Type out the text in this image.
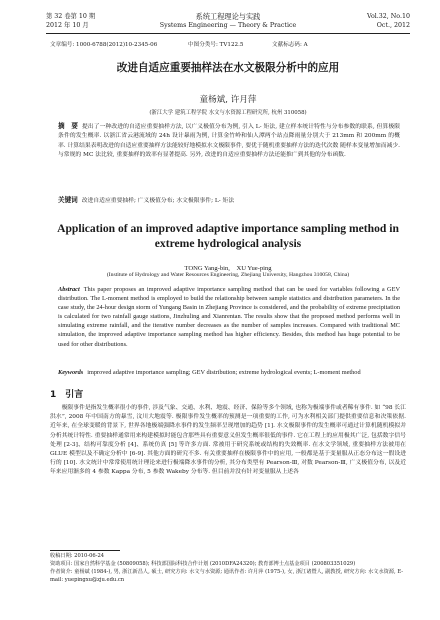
第 32 卷第 10 期
2012 年 10 月
系统工程理论与实践
Systems Engineering — Theory & Practice
Vol.32, No.10
Oct., 2012
文章编号: 1000-6788(2012)10-2345-06	中图分类号: TV122.5	文献标志码: A
改进自适应重要抽样法在水文极限分析中的应用
童杨斌, 许月萍
(浙江大学 建筑工程学院 水文与水资源工程研究所, 杭州 310058)
摘　要 提出了一种改进的自适应重要抽样方法, 以广义极值分布为例, 引入 L- 矩法, 建立样本统计特性与分布参数的联系, 但算极限条件的发生概率. 以浙江省云港流域的 24h 设计暴雨为例, 计算金竹岭和仙人潭两个站点降雨量分别大于 213mm 和 200mm 的概率. 计算结果表明改进的自适应重要抽样方法能较好地模拟水文极限事件, 要优于随机重要抽样方法的迭代次数 随样本变量增加而减少. 与常规的 MC 法比较, 重要抽样的效率有显著提高. 另外, 改进的自适应重要抽样方法还能推广到其他的分布函数.
关键词 改进自适应重要抽样; 广义极值分布; 水文极限事件; L- 矩法
Application of an improved adaptive importance sampling method in extreme hydrological analysis
TONG Yang-bin,　XU Yue-ping
(Institute of Hydrology and Water Resources Engineering, Zhejiang University, Hangzhou 310058, China)
Abstract This paper proposes an improved adaptive importance sampling method that can be used for variables following a GEV distribution. The L-moment method is employed to build the relationship between sample statistics and distribution parameters. In the case study, the 24-hour design storm of Yungang Basin in Zhejiang Province is considered, and the probability of extreme precipitation is calculated for two rainfall gauge stations, Jinzhuling and Xianrentan. The results show that the proposed method performs well in simulating extreme rainfall, and the iterative number decreases as the number of samples increases. Compared with traditional MC simulation, the improved adaptive importance sampling method has higher efficiency. Besides, this method has huge potential to be used for other distributions.
Keywords improved adaptive importance sampling; GEV distribution; extreme hydrological events; L-moment method
1　引言
极限事件是指发生概率很小的事件, 涉及气象、交通、水利、地震、经济、保险等多个领域, 也称为极端事件或者稀有事件. 如 “98 长江洪水”, 2008 年中国南方的暴雪, 汶川大地震等. 极限事件发生概率的预测是一项重要的工作, 可为水利相关部门提供重要信息和决策依据. 近年来, 在全球变暖的背景下, 世界各地极端强降水事件的发生频率呈现增加的趋势 [1]. 水文极限事件的发生概率可通过计算机随机模拟并分析其统计特性. 重要抽样通常用来构建模拟时能包含那些具有重要意义但发生概率很低的事件. 它在工程上的应用极其广泛, 包括数字信号处理 [2-3]、结构可靠度分析 [4]、系统仿真 [5] 等许多方面. 常被用于研究系统或结构的失效概率. 在水文学领域, 重要抽样方法被用在 GLUE 模型以及不确定分析中 [6-9]. 其他方面的研究不多. 有关重要抽样在极限事件中的应用, 一般都是基于变量服从正态分布这一假设进行的 [10]. 水文统计中常常使用统计理论来进行极端降水事件的分析, 其分布类型有 Pearson-Ⅲ, 对数 Pearson-Ⅲ, 广义极值分布, 以及近年来应用渐多的 4 参数 Kappa 分布, 5 参数 Wakeby 分布等. 但目前并没有针对变量服从上述各
收稿日期: 2010-06-24
资助项目: 国家自然科学基金 (50809058); 科技部国际科技合作计划 (2010DFA24320); 教育部博士点基金项目 (200803351029)
作者简介: 童杨斌 (1984-), 男, 浙江新昌人, 硕士, 研究方向: 水文与水资源; 通讯作者: 许月萍 (1975-), 女, 浙江诸暨人, 副教授, 研究方向: 水文水资源, E-mail: yuepingxu@zju.edu.cn
